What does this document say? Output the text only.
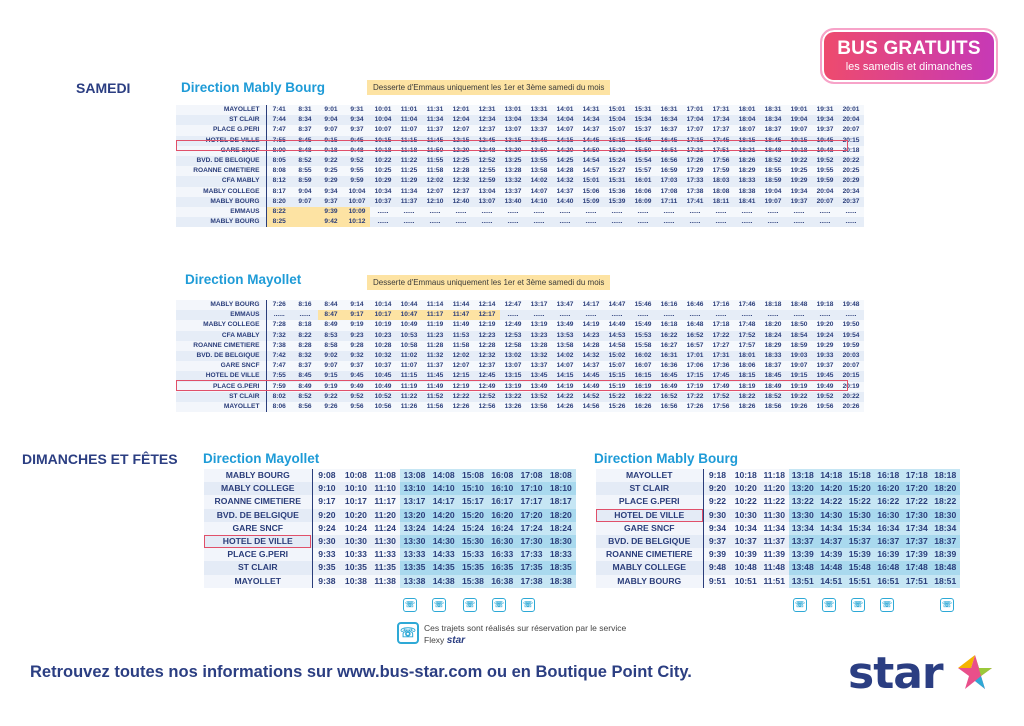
BUS GRATUITS
les samedis et dimanches
SAMEDI	Direction Mably Bourg	Desserte d'Emmaus uniquement les 1er et 3ème samedi du mois
MAYOLLET	7:41	8:31	9:01	9:31	10:01	11:01	11:31	12:01	12:31	13:01	13:31	14:01	14:31	15:01	15:31	16:31	17:01	17:31	18:01	18:31	19:01	19:31	20:01
ST CLAIR	7:44	8:34	9:04	9:34	10:04	11:04	11:34	12:04	12:34	13:04	13:34	14:04	14:34	15:04	15:34	16:34	17:04	17:34	18:04	18:34	19:04	19:34	20:04
PLACE G.PERI	7:47	8:37	9:07	9:37	10:07	11:07	11:37	12:07	12:37	13:07	13:37	14:07	14:37	15:07	15:37	16:37	17:07	17:37	18:07	18:37	19:07	19:37	20:07
HOTEL DE VILLE	7:55	8:45	9:15	9:45	10:15	11:15	11:45	12:15	12:45	13:15	13:45	14:15	14:45	15:15	15:45	16:45	17:15	17:45	18:15	18:45	19:15	19:45	20:15
GARE SNCF	8:00	8:48	9:18	9:48	10:18	11:18	11:50	12:20	12:48	13:20	13:50	14:20	14:50	15:20	15:50	16:51	17:21	17:51	18:21	18:48	19:18	19:48	20:18
BVD. DE BELGIQUE	8:05	8:52	9:22	9:52	10:22	11:22	11:55	12:25	12:52	13:25	13:55	14:25	14:54	15:24	15:54	16:56	17:26	17:56	18:26	18:52	19:22	19:52	20:22
ROANNE CIMETIERE	8:08	8:55	9:25	9:55	10:25	11:25	11:58	12:28	12:55	13:28	13:58	14:28	14:57	15:27	15:57	16:59	17:29	17:59	18:29	18:55	19:25	19:55	20:25
CFA MABLY	8:12	8:59	9:29	9:59	10:29	11:29	12:02	12:32	12:59	13:32	14:02	14:32	15:01	15:31	16:01	17:03	17:33	18:03	18:33	18:59	19:29	19:59	20:29
MABLY COLLEGE	8:17	9:04	9:34	10:04	10:34	11:34	12:07	12:37	13:04	13:37	14:07	14:37	15:06	15:36	16:06	17:08	17:38	18:08	18:38	19:04	19:34	20:04	20:34
MABLY BOURG	8:20	9:07	9:37	10:07	10:37	11:37	12:10	12:40	13:07	13:40	14:10	14:40	15:09	15:39	16:09	17:11	17:41	18:11	18:41	19:07	19:37	20:07	20:37
EMMAUS	8:22		9:39	10:09	......	......	......	......	......	......	......	......	......	......	......	......	......	......	......	......	......	......	......
MABLY BOURG	8:25		9:42	10:12	......	......	......	......	......	......	......	......	......	......	......	......	......	......	......	......	......	......	......
Direction Mayollet	Desserte d'Emmaus uniquement les 1er et 3ème samedi du mois
MABLY BOURG	7:26	8:16	8:44	9:14	10:14	10:44	11:14	11:44	12:14	12:47	13:17	13:47	14:17	14:47	15:46	16:16	16:46	17:16	17:46	18:18	18:48	19:18	19:48
EMMAUS	......	......	8:47	9:17	10:17	10:47	11:17	11:47	12:17	......	......	......	......	......	......	......	......	......	......	......	......	......	......
MABLY COLLEGE	7:28	8:18	8:49	9:19	10:19	10:49	11:19	11:49	12:19	12:49	13:19	13:49	14:19	14:49	15:49	16:18	16:48	17:18	17:48	18:20	18:50	19:20	19:50
CFA MABLY	7:32	8:22	8:53	9:23	10:23	10:53	11:23	11:53	12:23	12:53	13:23	13:53	14:23	14:53	15:53	16:22	16:52	17:22	17:52	18:24	18:54	19:24	19:54
ROANNE CIMETIERE	7:38	8:28	8:58	9:28	10:28	10:58	11:28	11:58	12:28	12:58	13:28	13:58	14:28	14:58	15:58	16:27	16:57	17:27	17:57	18:29	18:59	19:29	19:59
BVD. DE BELGIQUE	7:42	8:32	9:02	9:32	10:32	11:02	11:32	12:02	12:32	13:02	13:32	14:02	14:32	15:02	16:02	16:31	17:01	17:31	18:01	18:33	19:03	19:33	20:03
GARE SNCF	7:47	8:37	9:07	9:37	10:37	11:07	11:37	12:07	12:37	13:07	13:37	14:07	14:37	15:07	16:07	16:36	17:06	17:36	18:06	18:37	19:07	19:37	20:07
HOTEL DE VILLE	7:55	8:45	9:15	9:45	10:45	11:15	11:45	12:15	12:45	13:15	13:45	14:15	14:45	15:15	16:15	16:45	17:15	17:45	18:15	18:45	19:15	19:45	20:15
PLACE G.PERI	7:59	8:49	9:19	9:49	10:49	11:19	11:49	12:19	12:49	13:19	13:49	14:19	14:49	15:19	16:19	16:49	17:19	17:49	18:19	18:49	19:19	19:49	20:19
ST CLAIR	8:02	8:52	9:22	9:52	10:52	11:22	11:52	12:22	12:52	13:22	13:52	14:22	14:52	15:22	16:22	16:52	17:22	17:52	18:22	18:52	19:22	19:52	20:22
MAYOLLET	8:06	8:56	9:26	9:56	10:56	11:26	11:56	12:26	12:56	13:26	13:56	14:26	14:56	15:26	16:26	16:56	17:26	17:56	18:26	18:56	19:26	19:56	20:26
DIMANCHES ET FÊTES Direction Mayollet	Direction Mably Bourg
MABLY BOURG	9:08	10:08	11:08	13:08	14:08	15:08	16:08	17:08	18:08
MABLY COLLEGE	9:10	10:10	11:10	13:10	14:10	15:10	16:10	17:10	18:10
ROANNE CIMETIERE	9:17	10:17	11:17	13:17	14:17	15:17	16:17	17:17	18:17
BVD. DE BELGIQUE	9:20	10:20	11:20	13:20	14:20	15:20	16:20	17:20	18:20
GARE SNCF	9:24	10:24	11:24	13:24	14:24	15:24	16:24	17:24	18:24
HOTEL DE VILLE	9:30	10:30	11:30	13:30	14:30	15:30	16:30	17:30	18:30
PLACE G.PERI	9:33	10:33	11:33	13:33	14:33	15:33	16:33	17:33	18:33
ST CLAIR	9:35	10:35	11:35	13:35	14:35	15:35	16:35	17:35	18:35
MAYOLLET	9:38	10:38	11:38	13:38	14:38	15:38	16:38	17:38	18:38
MAYOLLET	9:18	10:18	11:18	13:18	14:18	15:18	16:18	17:18	18:18
ST CLAIR	9:20	10:20	11:20	13:20	14:20	15:20	16:20	17:20	18:20
PLACE G.PERI	9:22	10:22	11:22	13:22	14:22	15:22	16:22	17:22	18:22
HOTEL DE VILLE	9:30	10:30	11:30	13:30	14:30	15:30	16:30	17:30	18:30
GARE SNCF	9:34	10:34	11:34	13:34	14:34	15:34	16:34	17:34	18:34
BVD. DE BELGIQUE	9:37	10:37	11:37	13:37	14:37	15:37	16:37	17:37	18:37
ROANNE CIMETIERE	9:39	10:39	11:39	13:39	14:39	15:39	16:39	17:39	18:39
MABLY COLLEGE	9:48	10:48	11:48	13:48	14:48	15:48	16:48	17:48	18:48
MABLY BOURG	9:51	10:51	11:51	13:51	14:51	15:51	16:51	17:51	18:51
☏ ☏	☏ ☏ ☏	☏ ☏ ☏ ☏	☏
☏ Ces trajets sont réalisés sur réservation par le service Flexy star
Retrouvez toutes nos informations sur www.bus-star.com ou en Boutique Point City.	star
